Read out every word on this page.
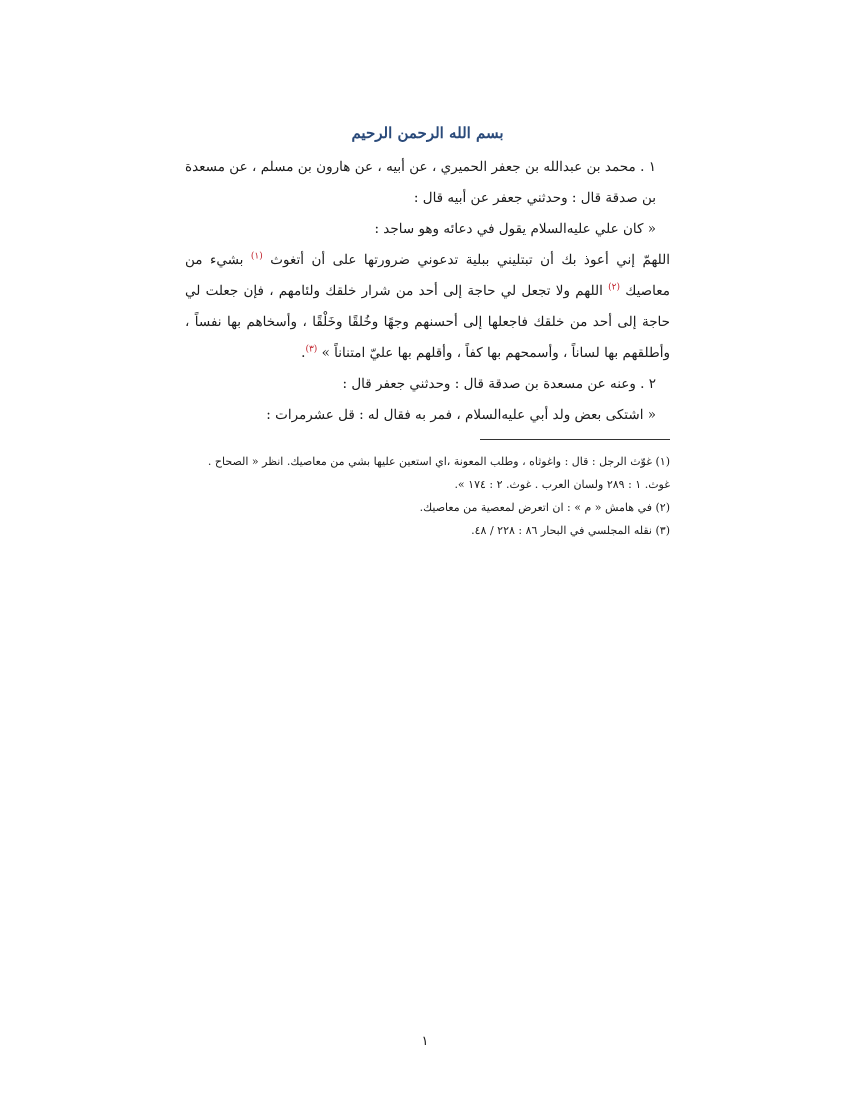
بسم الله الرحمن الرحيم

١ . محمد بن عبدالله بن جعفر الحميري ، عن أبيه ، عن هارون بن مسلم ، عن مسعدة بن صدقة قال : وحدثني جعفر عن أبيه قال :

« كان علي عليه‌السلام يقول في دعائه وهو ساجد :

اللهمّ إني أعوذ بك أن تبتليني ببلية تدعوني ضرورتها على أن أتغوث $^{(١)}$ بشيء من معاصيك $^{(٢)}$ اللهم ولا تجعل لي حاجة إلى أحد من شرار خلقك ولئامهم ، فإن جعلت لي حاجة إلى أحد من خلقك فاجعلها إلى أحسنهم وجهًا وخُلقًا وخَلْقًا ، وأسخاهم بها نفساً ، وأطلقهم بها لساناً ، وأسمحهم بها كفاً ، وأقلهم بها عليّ امتناناً » $^{(٣)}$.

٢ . وعنه عن مسعدة بن صدقة قال : وحدثني جعفر قال :

« اشتكى بعض ولد أبي عليه‌السلام ، فمر به فقال له : قل عشرمرات :

(١) غوّث الرجل : قال : واغوثاه ، وطلب المعونة ،اي استعين عليها بشي من معاصيك. انظر « الصحاح .

غوث. ١ : ٢٨٩ ولسان العرب . غوث. ٢ : ١٧٤ ».

(٢) في هامش « م » : ان اتعرض لمعصية من معاصيك.

(٣) نقله المجلسي في البحار ٨٦ : ٢٢٨ / ٤٨.

١
